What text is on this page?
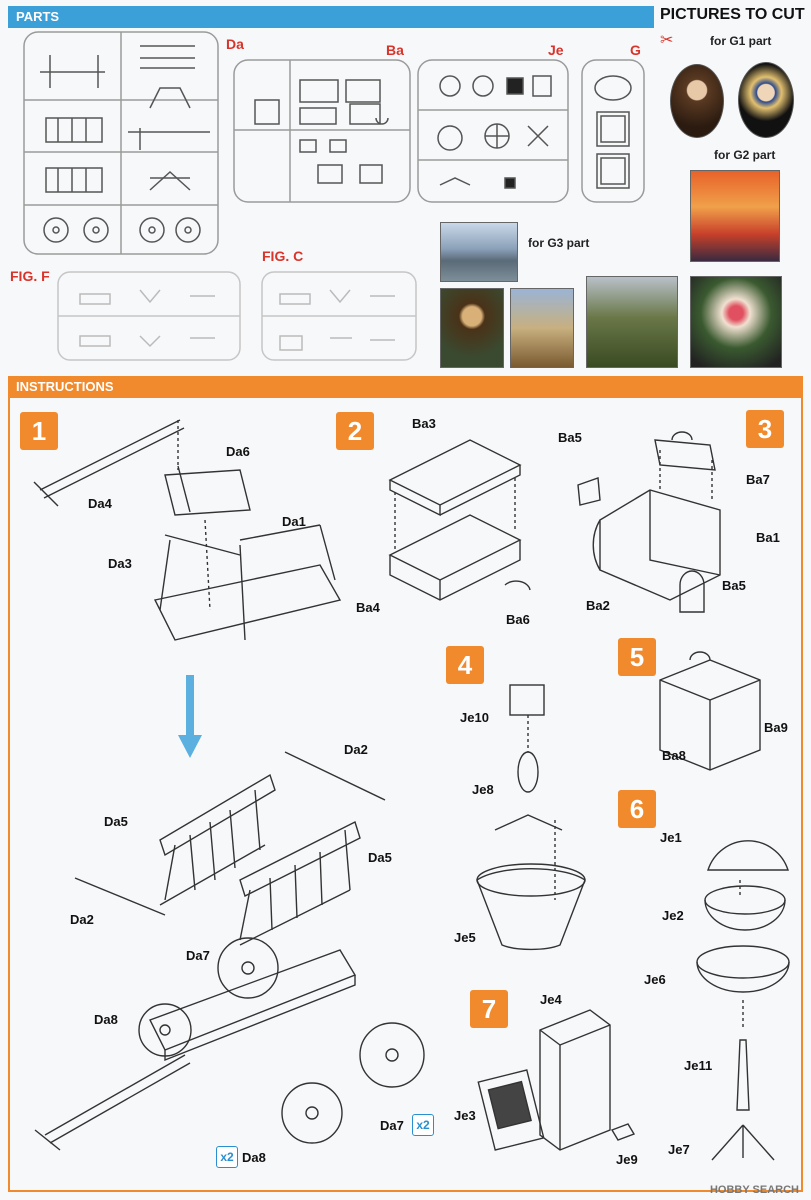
PARTS
INSTRUCTIONS
Da	Ba	Je	G
FIG. F
FIG. C
PICTURES TO CUT
✂	for G1 part
for G2 part
for G3 part
1	2	3
4	5
6
7
Da4
Da6
Da1
Da3
Ba3
Ba4
Ba6
Ba5
Ba7
Ba1
Ba2
Ba5
Je10
Je8
Je5
Ba8
Ba9
Je1
Je2
Je6
Je11
Je7
Je4
Je3
Je9
Da2
Da5
Da5
Da2
Da7
Da8
Da7	x2
x2 Da8
HOBBY SEARCH
